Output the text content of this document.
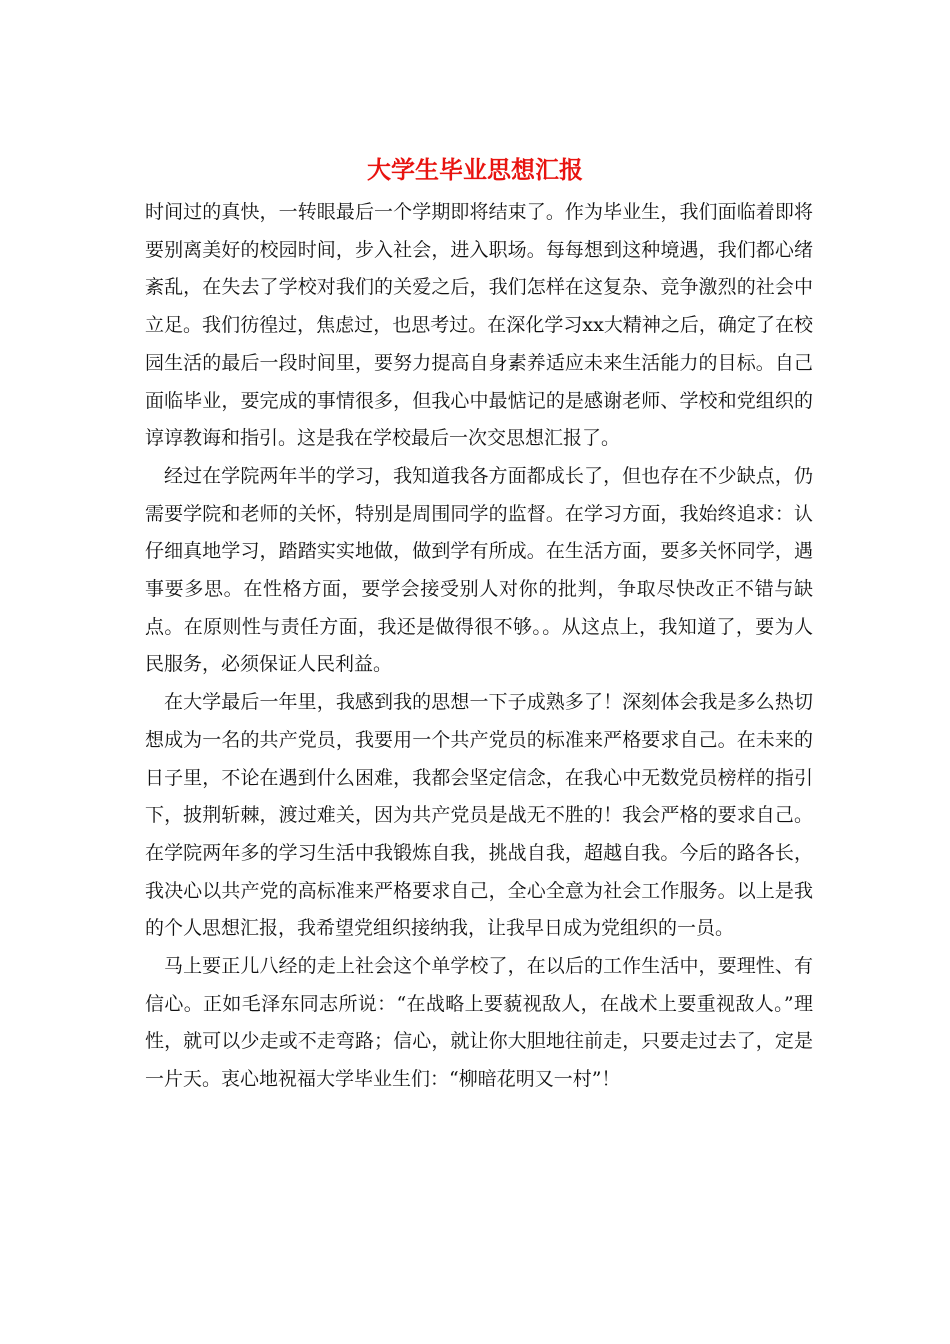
大学生毕业思想汇报

时间过的真快，一转眼最后一个学期即将结束了。作为毕业生，我们面临着即将要别离美好的校园时间，步入社会，进入职场。每每想到这种境遇，我们都心绪紊乱，在失去了学校对我们的关爱之后，我们怎样在这复杂、竞争激烈的社会中立足。我们彷徨过，焦虑过，也思考过。在深化学习xx大精神之后，确定了在校园生活的最后一段时间里，要努力提高自身素养适应未来生活能力的目标。自己面临毕业，要完成的事情很多，但我心中最惦记的是感谢老师、学校和党组织的谆谆教诲和指引。这是我在学校最后一次交思想汇报了。

经过在学院两年半的学习，我知道我各方面都成长了，但也存在不少缺点，仍需要学院和老师的关怀，特别是周围同学的监督。在学习方面，我始终追求：认仔细真地学习，踏踏实实地做，做到学有所成。在生活方面，要多关怀同学，遇事要多思。在性格方面，要学会接受别人对你的批判，争取尽快改正不错与缺点。在原则性与责任方面，我还是做得很不够。。从这点上，我知道了，要为人民服务，必须保证人民利益。

在大学最后一年里，我感到我的思想一下子成熟多了！深刻体会我是多么热切想成为一名的共产党员，我要用一个共产党员的标准来严格要求自己。在未来的日子里，不论在遇到什么困难，我都会坚定信念，在我心中无数党员榜样的指引下，披荆斩棘，渡过难关，因为共产党员是战无不胜的！我会严格的要求自己。在学院两年多的学习生活中我锻炼自我，挑战自我，超越自我。今后的路各长，我决心以共产党的高标准来严格要求自己，全心全意为社会工作服务。以上是我的个人思想汇报，我希望党组织接纳我，让我早日成为党组织的一员。

马上要正儿八经的走上社会这个单学校了，在以后的工作生活中，要理性、有信心。正如毛泽东同志所说：“在战略上要藐视敌人，在战术上要重视敌人。”理性，就可以少走或不走弯路；信心，就让你大胆地往前走，只要走过去了，定是一片天。衷心地祝福大学毕业生们：“柳暗花明又一村”！
